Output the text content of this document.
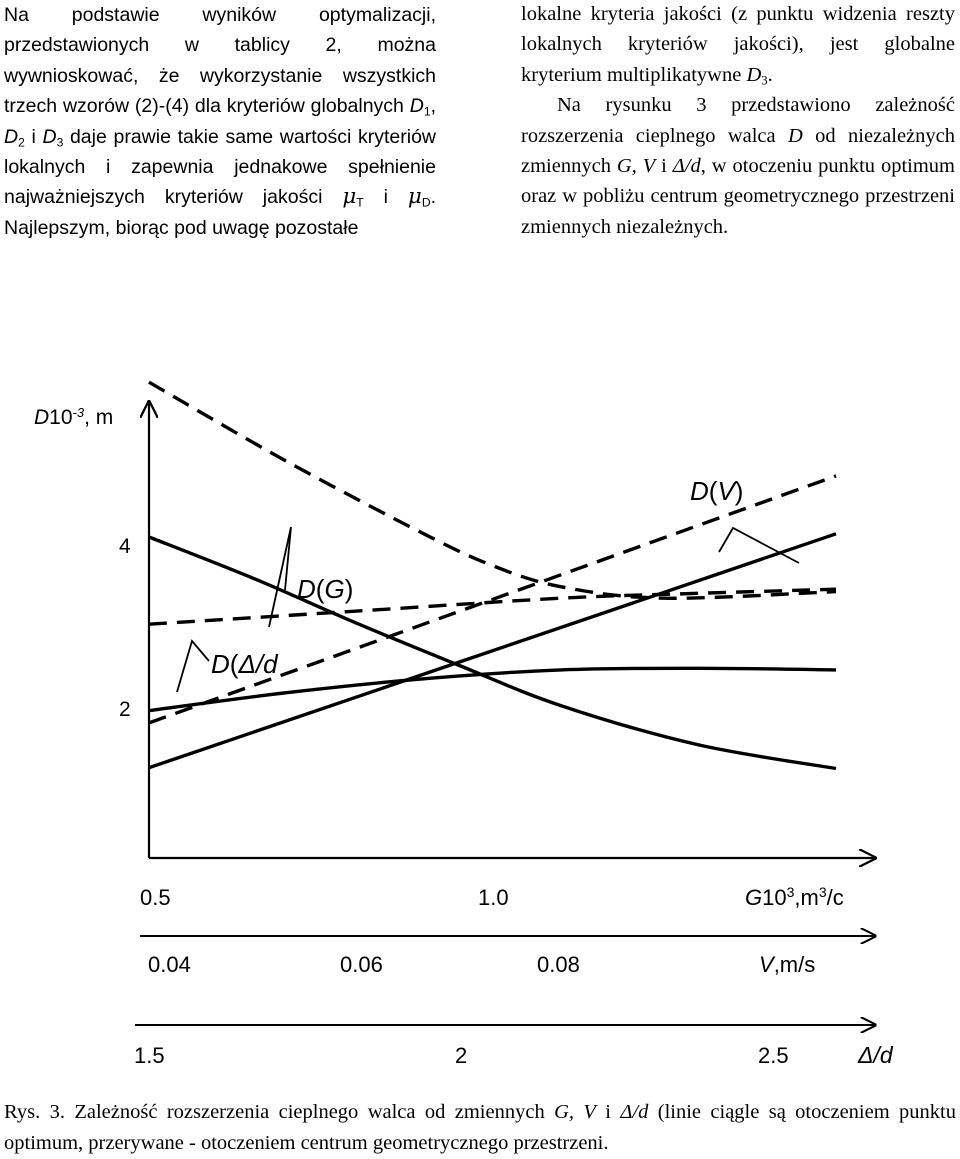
Na podstawie wyników optymalizacji, przedstawionych w tablicy 2, można wywnioskować, że wykorzystanie wszystkich trzech wzorów (2)-(4) dla kryteriów globalnych $D_1$, $D_2$ i $D_3$ daje prawie takie same wartości kryteriów lokalnych i zapewnia jednakowe spełnienie najważniejszych kryteriów jakości $\mu_T$ i $\mu_D$. Najlepszym, biorąc pod uwagę pozostałe

lokalne kryteria jakości (z punktu widzenia reszty lokalnych kryteriów jakości), jest globalne kryterium multiplikatywne $D_3$.

Na rysunku 3 przedstawiono zależność rozszerzenia cieplnego walca D od niezależnych zmiennych G, V i Δ/d, w otoczeniu punktu optimum oraz w pobliżu centrum geometrycznego przestrzeni zmiennych niezależnych.

$D10^{-3}$, m
4
2
0.5	1.0	$G10^3,m^3/c$
0.04	0.06	0.08	V,m/s
1.5	2	2.5	Δ/d
D(V)
D(G)
D(Δ/d

Rys. 3. Zależność rozszerzenia cieplnego walca od zmiennych G, V i Δ/d (linie ciągle są otoczeniem punktu optimum, przerywane - otoczeniem centrum geometrycznego przestrzeni.
